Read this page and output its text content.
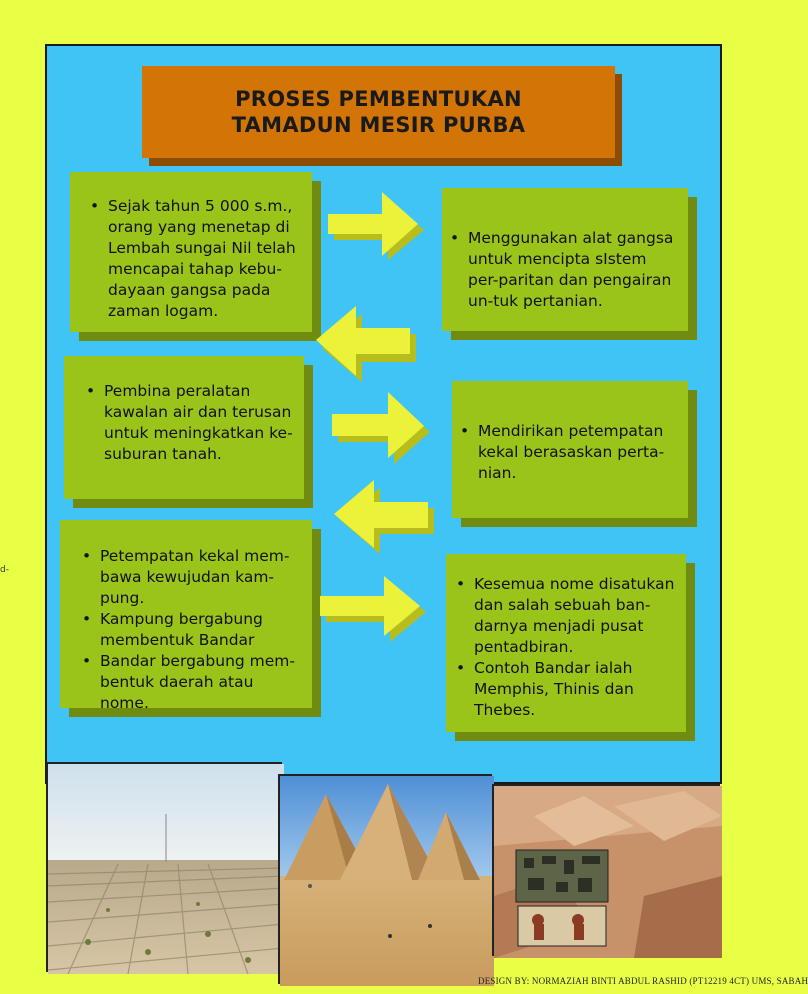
d-
PROSES PEMBENTUKAN
TAMADUN MESIR PURBA
• Sejak tahun 5 000 s.m., orang yang menetap di Lembah sungai Nil telah mencapai tahap kebu-dayaan gangsa pada zaman logam.
• Menggunakan alat gangsa untuk mencipta sIstem per-paritan dan pengairan un-tuk pertanian.
• Pembina peralatan kawalan air dan terusan untuk meningkatkan ke-suburan tanah.
• Mendirikan petempatan kekal berasaskan perta-nian.
• Petempatan kekal mem-bawa kewujudan kam-pung.
• Kampung bergabung membentuk Bandar
• Bandar bergabung mem-bentuk daerah atau nome.
• Kesemua nome disatukan dan salah sebuah ban-darnya menjadi pusat pentadbiran.
• Contoh Bandar ialah Memphis, Thinis dan Thebes.
DESIGN BY: NORMAZIAH BINTI ABDUL RASHID (PT12219 4CT) UMS, SABAH
